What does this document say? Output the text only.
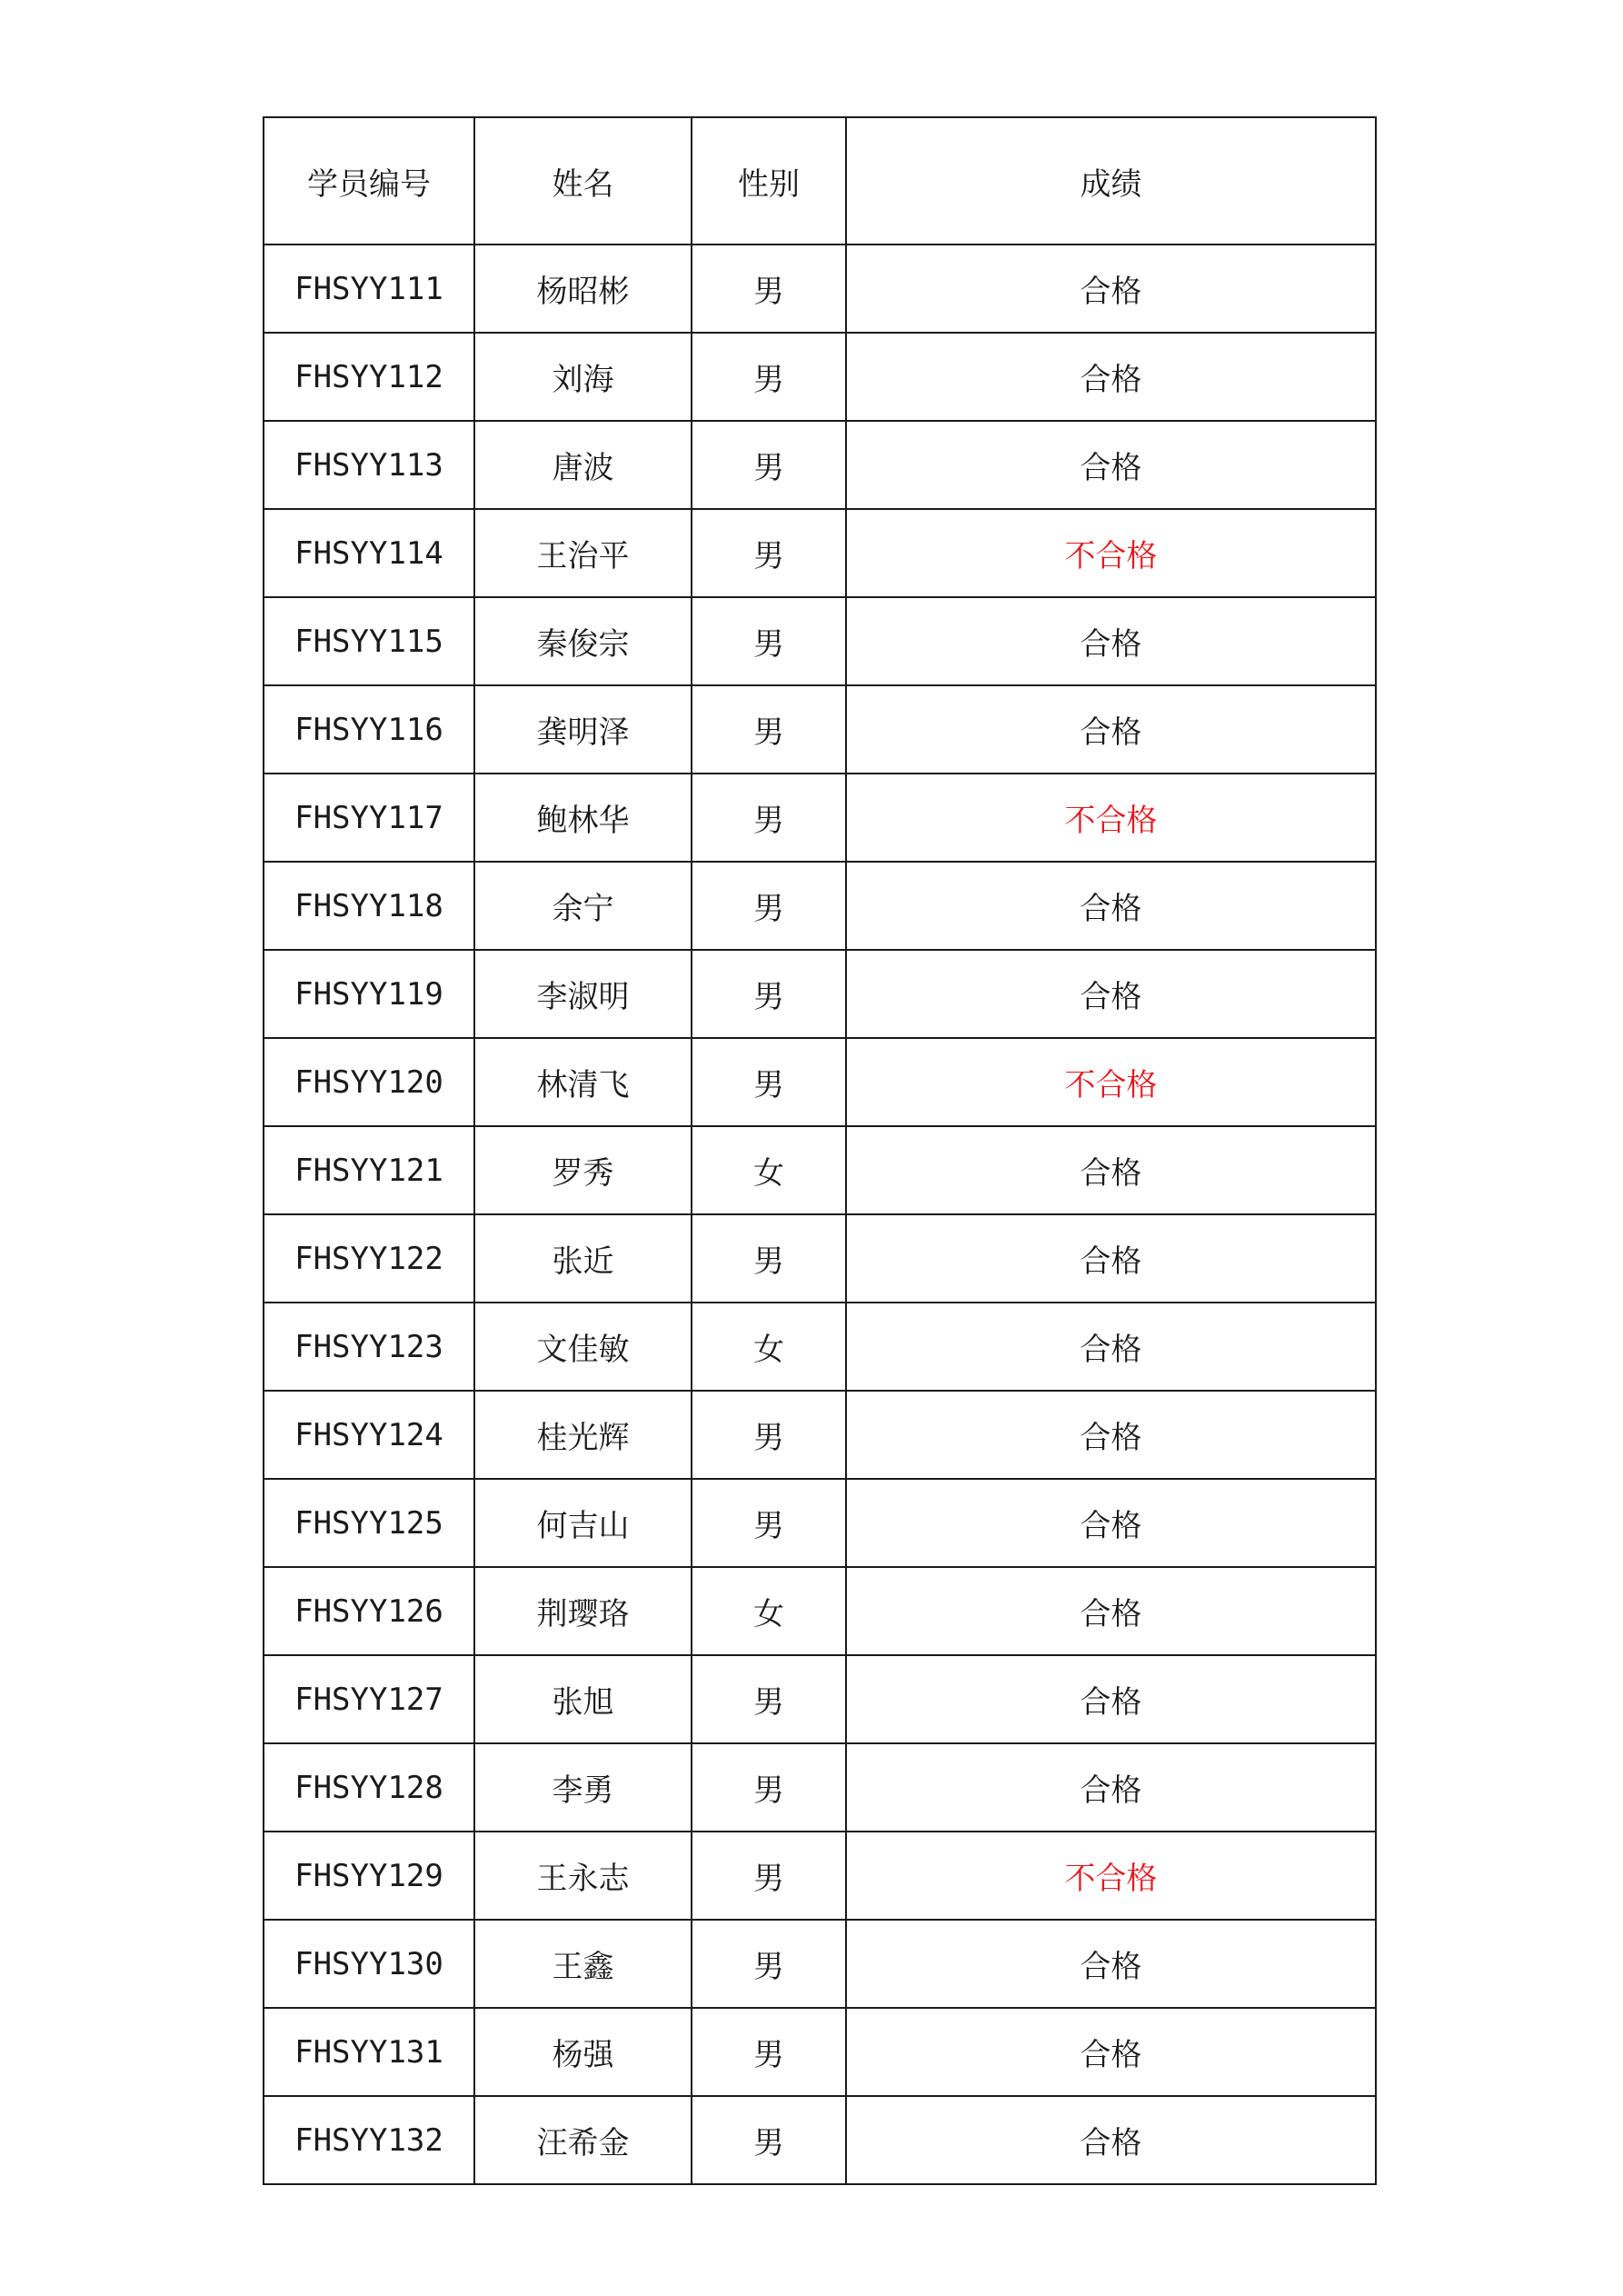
学员编号	姓名	性别	成绩
FHSYY111	杨昭彬	男	合格
FHSYY112	刘海	男	合格
FHSYY113	唐波	男	合格
FHSYY114	王治平	男	不合格
FHSYY115	秦俊宗	男	合格
FHSYY116	龚明泽	男	合格
FHSYY117	鲍林华	男	不合格
FHSYY118	余宁	男	合格
FHSYY119	李淑明	男	合格
FHSYY120	林清飞	男	不合格
FHSYY121	罗秀	女	合格
FHSYY122	张近	男	合格
FHSYY123	文佳敏	女	合格
FHSYY124	桂光辉	男	合格
FHSYY125	何吉山	男	合格
FHSYY126	荆璎珞	女	合格
FHSYY127	张旭	男	合格
FHSYY128	李勇	男	合格
FHSYY129	王永志	男	不合格
FHSYY130	王鑫	男	合格
FHSYY131	杨强	男	合格
FHSYY132	汪希金	男	合格
